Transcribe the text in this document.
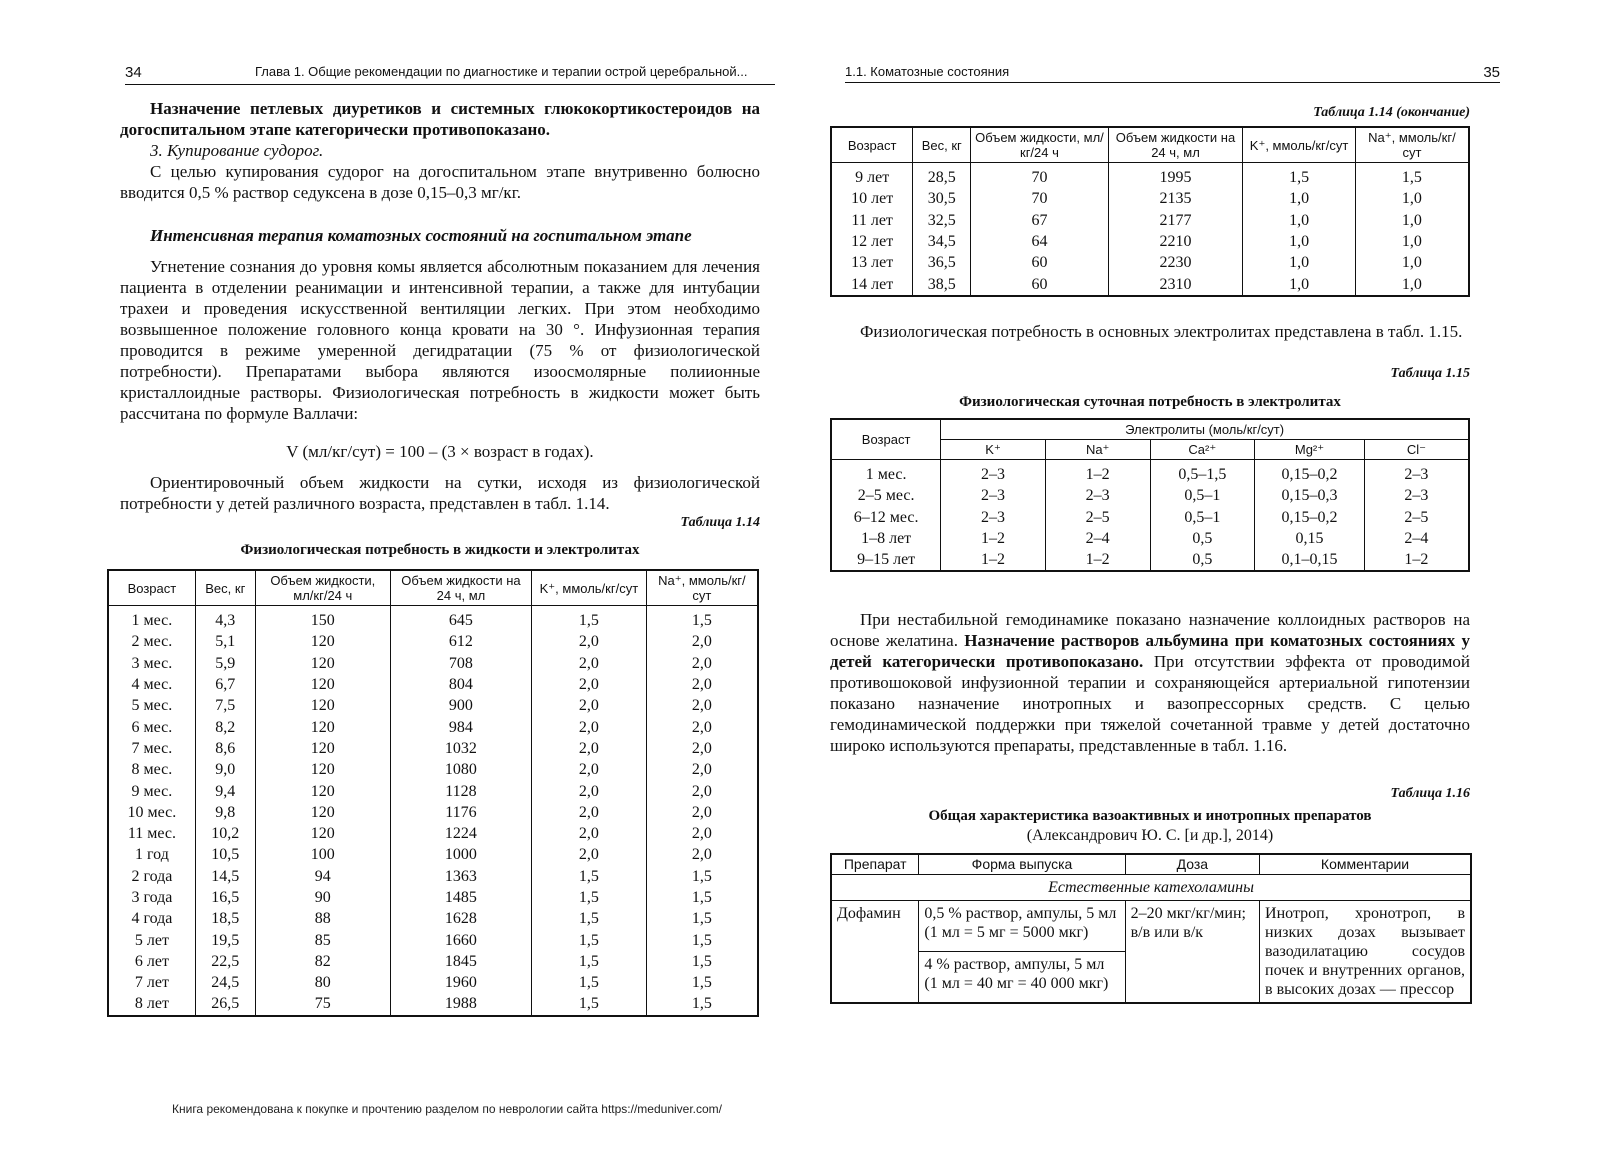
34	Глава 1. Общие рекомендации по диагностике и терапии острой церебральной...

Назначение петлевых диуретиков и системных глюкокортикостероидов на догоспитальном этапе категорически противопоказано.

3. Купирование судорог.

С целью купирования судорог на догоспитальном этапе внутривенно болюсно вводится 0,5 % раствор седуксена в дозе 0,15–0,3 мг/кг.

Интенсивная терапия коматозных состояний на госпитальном этапе

Угнетение сознания до уровня комы является абсолютным показанием для лечения пациента в отделении реанимации и интенсивной терапии, а также для интубации трахеи и проведения искусственной вентиляции легких. При этом необходимо возвышенное положение головного конца кровати на 30 °. Инфузионная терапия проводится в режиме умеренной дегидратации (75 % от физиологической потребности). Препаратами выбора являются изоосмолярные полиионные кристаллоидные растворы. Физиологическая потребность в жидкости может быть рассчитана по формуле Валлачи:

V (мл/кг/сут) = 100 – (3 × возраст в годах).

Ориентировочный объем жидкости на сутки, исходя из физиологической потребности у детей различного возраста, представлен в табл. 1.14.

Таблица 1.14
Физиологическая потребность в жидкости и электролитах
Возраст	Вес, кг	Объем жидкости, мл/кг/24 ч	Объем жидкости на 24 ч, мл	K⁺, ммоль/кг/сут	Na⁺, ммоль/кг/сут
1 мес.	4,3	150	645	1,5	1,5
2 мес.	5,1	120	612	2,0	2,0
3 мес.	5,9	120	708	2,0	2,0
4 мес.	6,7	120	804	2,0	2,0
5 мес.	7,5	120	900	2,0	2,0
6 мес.	8,2	120	984	2,0	2,0
7 мес.	8,6	120	1032	2,0	2,0
8 мес.	9,0	120	1080	2,0	2,0
9 мес.	9,4	120	1128	2,0	2,0
10 мес.	9,8	120	1176	2,0	2,0
11 мес.	10,2	120	1224	2,0	2,0
1 год	10,5	100	1000	2,0	2,0
2 года	14,5	94	1363	1,5	1,5
3 года	16,5	90	1485	1,5	1,5
4 года	18,5	88	1628	1,5	1,5
5 лет	19,5	85	1660	1,5	1,5
6 лет	22,5	82	1845	1,5	1,5
7 лет	24,5	80	1960	1,5	1,5
8 лет	26,5	75	1988	1,5	1,5
Книга рекомендована к покупке и прочтению разделом по неврологии сайта https://meduniver.com/
1.1. Коматозные состояния	35
Таблица 1.14 (окончание)
Возраст	Вес, кг	Объем жидкости, мл/кг/24 ч	Объем жидкости на 24 ч, мл	K⁺, ммоль/кг/сут	Na⁺, ммоль/кг/сут
9 лет	28,5	70	1995	1,5	1,5
10 лет	30,5	70	2135	1,0	1,0
11 лет	32,5	67	2177	1,0	1,0
12 лет	34,5	64	2210	1,0	1,0
13 лет	36,5	60	2230	1,0	1,0
14 лет	38,5	60	2310	1,0	1,0

Физиологическая потребность в основных электролитах представлена в табл. 1.15.

Таблица 1.15
Физиологическая суточная потребность в электролитах
Возраст	Электролиты (моль/кг/сут)				
	K⁺	Na⁺	Ca²⁺	Mg²⁺	Cl⁻
1 мес.	2–3	1–2	0,5–1,5	0,15–0,2	2–3
2–5 мес.	2–3	2–3	0,5–1	0,15–0,3	2–3
6–12 мес.	2–3	2–5	0,5–1	0,15–0,2	2–5
1–8 лет	1–2	2–4	0,5	0,15	2–4
9–15 лет	1–2	1–2	0,5	0,1–0,15	1–2

При нестабильной гемодинамике показано назначение коллоидных растворов на основе желатина. Назначение растворов альбумина при коматозных состояниях у детей категорически противопоказано. При отсутствии эффекта от проводимой противошоковой инфузионной терапии и сохраняющейся артериальной гипотензии показано назначение инотропных и вазопрессорных средств. С целью гемодинамической поддержки при тяжелой сочетанной травме у детей достаточно широко используются препараты, представленные в табл. 1.16.

Таблица 1.16
Общая характеристика вазоактивных и инотропных препаратов
(Александрович Ю. С. [и др.], 2014)
Препарат	Форма выпуска	Доза	Комментарии
Естественные катехоламины			
Дофамин	0,5 % раствор, ампулы, 5 мл (1 мл = 5 мг = 5000 мкг)	2–20 мкг/кг/мин; в/в или в/к	Инотроп, хронотроп, в низких дозах вызывает вазодилатацию сосудов почек и внутренних органов, в высоких дозах — прессор
	4 % раствор, ампулы, 5 мл (1 мл = 40 мг = 40 000 мкг)		
